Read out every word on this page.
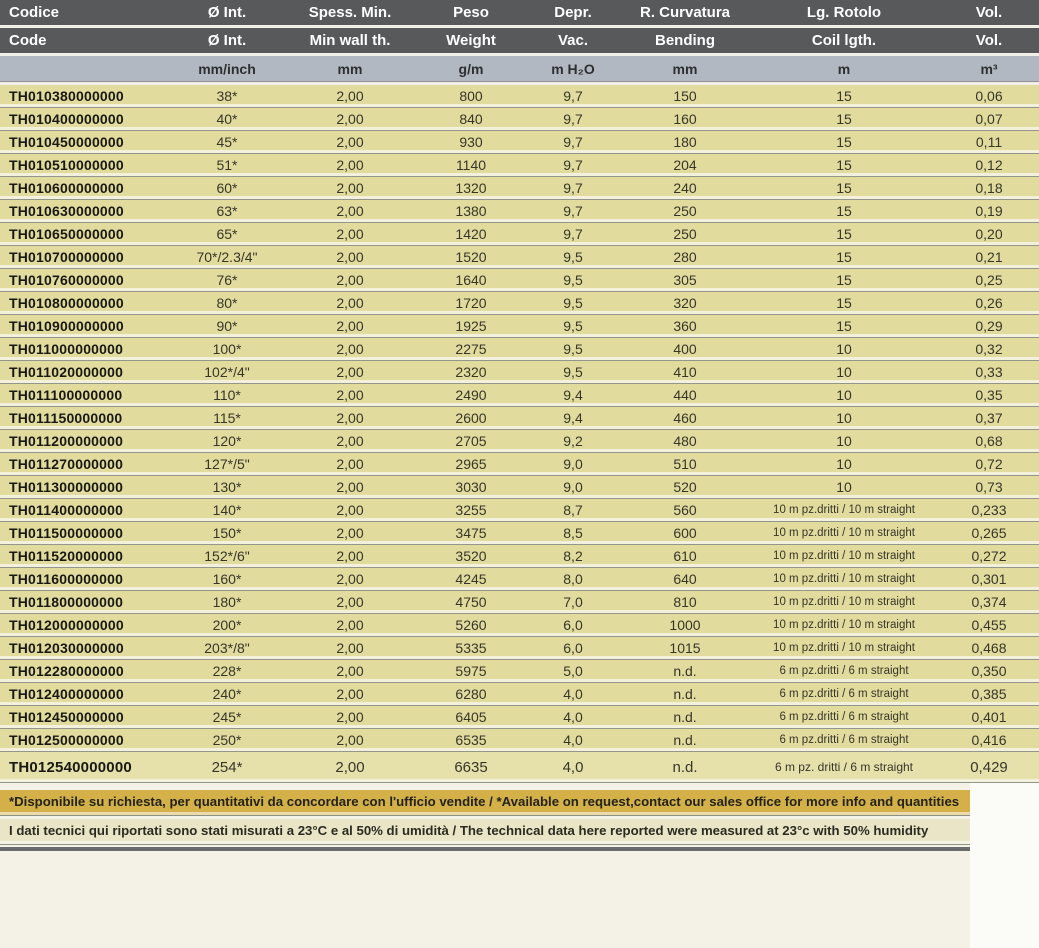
Codice	Ø Int.	Spess. Min.	Peso	Depr.	R. Curvatura	Lg. Rotolo	Vol.
Code	Ø Int.	Min wall th.	Weight	Vac.	Bending	Coil lgth.	Vol.
	mm/inch	mm	g/m	m H₂O	mm	m	m³
TH010380000000	38*	2,00	800	9,7	150	15	0,06
TH010400000000	40*	2,00	840	9,7	160	15	0,07
TH010450000000	45*	2,00	930	9,7	180	15	0,11
TH010510000000	51*	2,00	1140	9,7	204	15	0,12
TH010600000000	60*	2,00	1320	9,7	240	15	0,18
TH010630000000	63*	2,00	1380	9,7	250	15	0,19
TH010650000000	65*	2,00	1420	9,7	250	15	0,20
TH010700000000	70*/2.3/4"	2,00	1520	9,5	280	15	0,21
TH010760000000	76*	2,00	1640	9,5	305	15	0,25
TH010800000000	80*	2,00	1720	9,5	320	15	0,26
TH010900000000	90*	2,00	1925	9,5	360	15	0,29
TH011000000000	100*	2,00	2275	9,5	400	10	0,32
TH011020000000	102*/4"	2,00	2320	9,5	410	10	0,33
TH011100000000	110*	2,00	2490	9,4	440	10	0,35
TH011150000000	115*	2,00	2600	9,4	460	10	0,37
TH011200000000	120*	2,00	2705	9,2	480	10	0,68
TH011270000000	127*/5"	2,00	2965	9,0	510	10	0,72
TH011300000000	130*	2,00	3030	9,0	520	10	0,73
TH011400000000	140*	2,00	3255	8,7	560	10 m pz.dritti / 10 m straight	0,233
TH011500000000	150*	2,00	3475	8,5	600	10 m pz.dritti / 10 m straight	0,265
TH011520000000	152*/6"	2,00	3520	8,2	610	10 m pz.dritti / 10 m straight	0,272
TH011600000000	160*	2,00	4245	8,0	640	10 m pz.dritti / 10 m straight	0,301
TH011800000000	180*	2,00	4750	7,0	810	10 m pz.dritti / 10 m straight	0,374
TH012000000000	200*	2,00	5260	6,0	1000	10 m pz.dritti / 10 m straight	0,455
TH012030000000	203*/8"	2,00	5335	6,0	1015	10 m pz.dritti / 10 m straight	0,468
TH012280000000	228*	2,00	5975	5,0	n.d.	6 m pz.dritti / 6 m straight	0,350
TH012400000000	240*	2,00	6280	4,0	n.d.	6 m pz.dritti / 6 m straight	0,385
TH012450000000	245*	2,00	6405	4,0	n.d.	6 m pz.dritti / 6 m straight	0,401
TH012500000000	250*	2,00	6535	4,0	n.d.	6 m pz.dritti / 6 m straight	0,416
TH012540000000	254*	2,00	6635	4,0	n.d.	6 m pz. dritti / 6 m straight	0,429
*Disponibile su richiesta, per quantitativi da concordare con l'ufficio vendite / *Available on request,contact our sales office for more info and quantities
I dati tecnici qui riportati sono stati misurati a 23°C e al 50% di umidità / The technical data here reported were measured at 23°c with 50% humidity
